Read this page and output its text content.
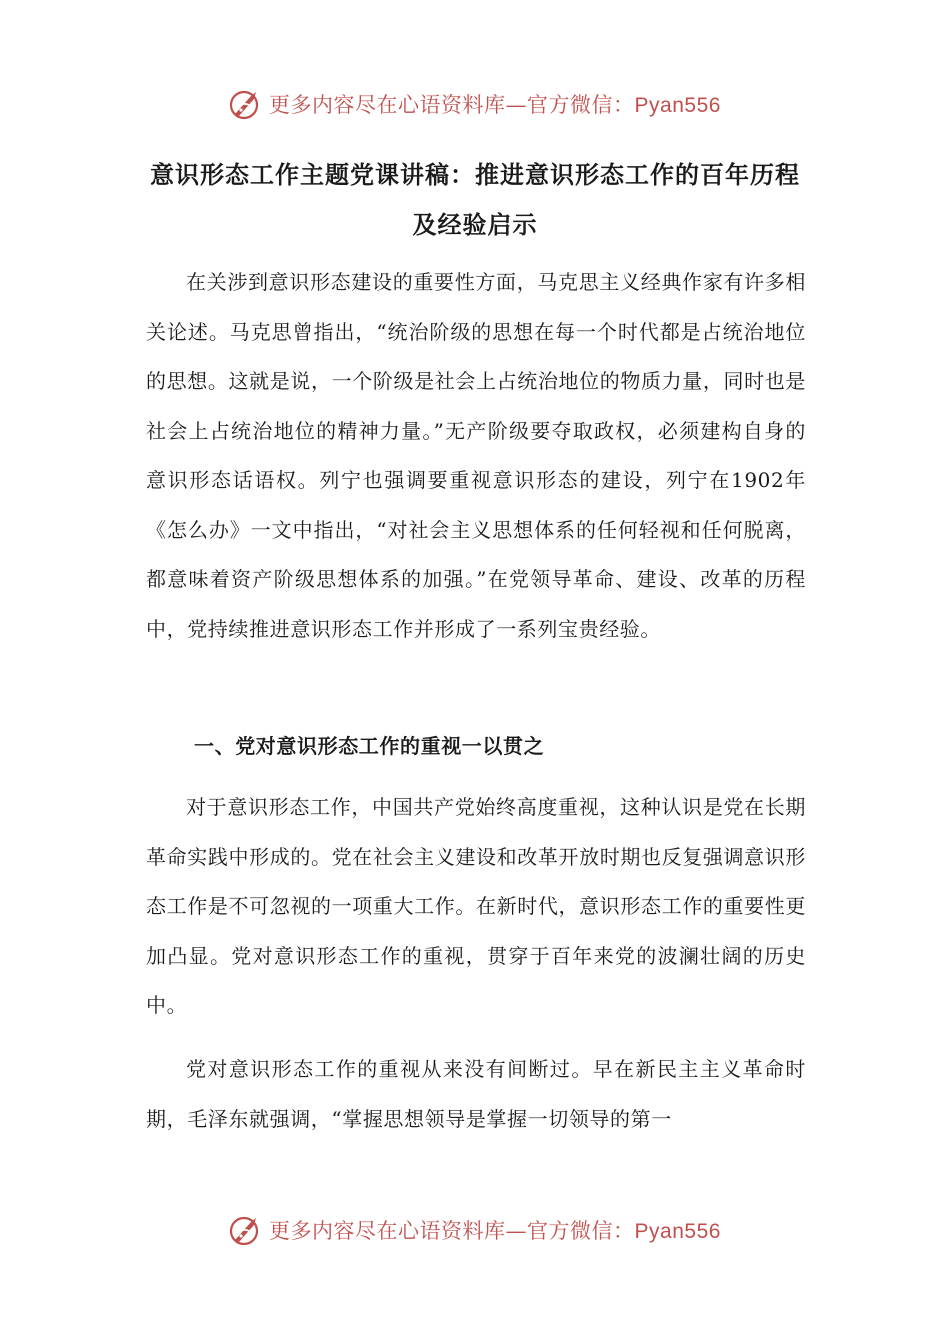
更多内容尽在心语资料库—官方微信：Pyan556
意识形态工作主题党课讲稿：推进意识形态工作的百年历程及经验启示

在关涉到意识形态建设的重要性方面，马克思主义经典作家有许多相关论述。马克思曾指出，“统治阶级的思想在每一个时代都是占统治地位的思想。这就是说，一个阶级是社会上占统治地位的物质力量，同时也是社会上占统治地位的精神力量。”无产阶级要夺取政权，必须建构自身的意识形态话语权。列宁也强调要重视意识形态的建设，列宁在1902年《怎么办》一文中指出，“对社会主义思想体系的任何轻视和任何脱离，都意味着资产阶级思想体系的加强。”在党领导革命、建设、改革的历程中，党持续推进意识形态工作并形成了一系列宝贵经验。

一、党对意识形态工作的重视一以贯之

对于意识形态工作，中国共产党始终高度重视，这种认识是党在长期革命实践中形成的。党在社会主义建设和改革开放时期也反复强调意识形态工作是不可忽视的一项重大工作。在新时代，意识形态工作的重要性更加凸显。党对意识形态工作的重视，贯穿于百年来党的波澜壮阔的历史中。

党对意识形态工作的重视从来没有间断过。早在新民主主义革命时期，毛泽东就强调，“掌握思想领导是掌握一切领导的第一

更多内容尽在心语资料库—官方微信：Pyan556
